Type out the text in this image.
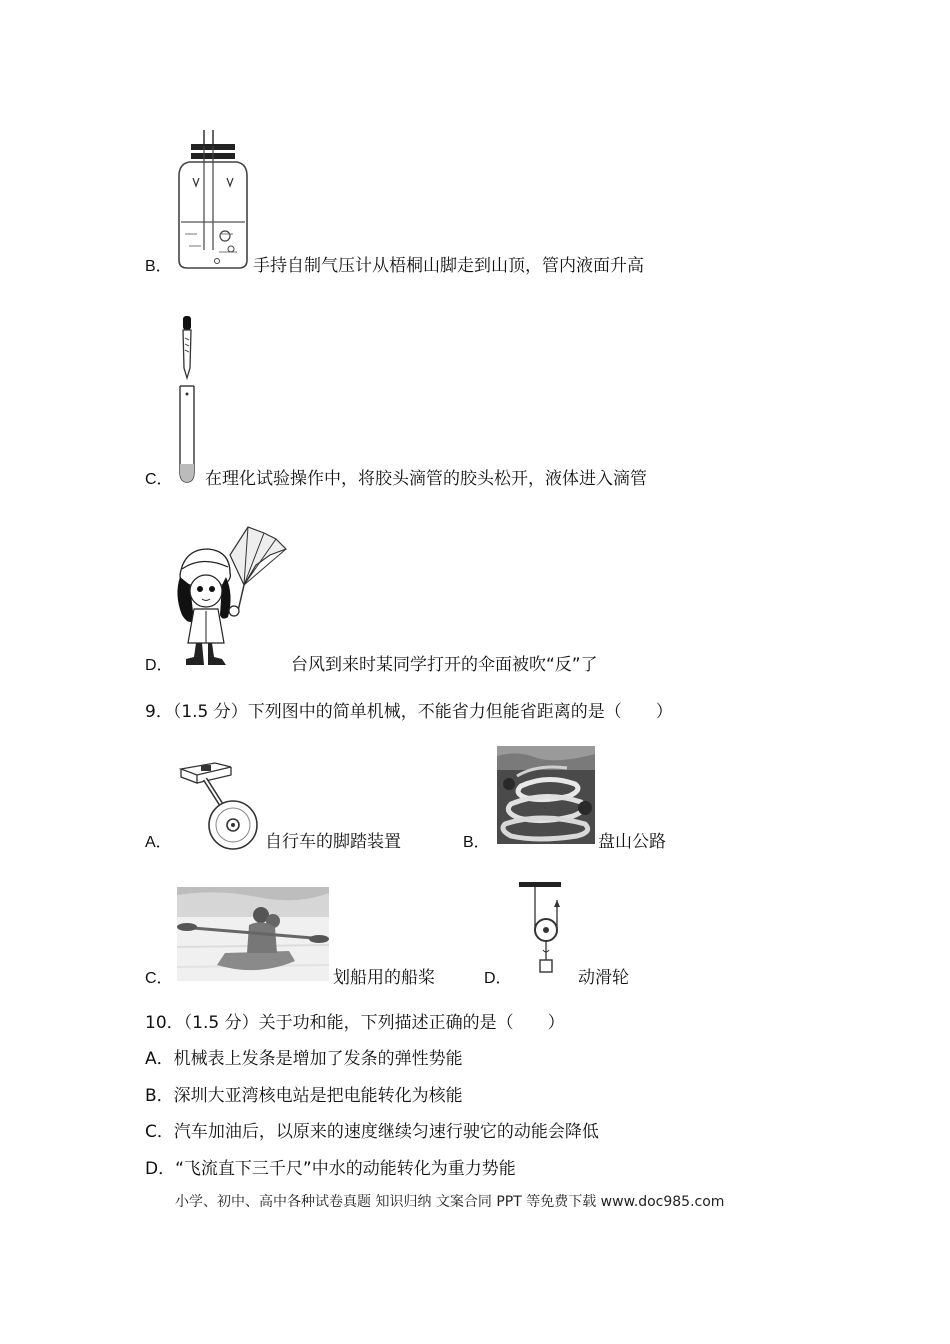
B．	手持自制气压计从梧桐山脚走到山顶，管内液面升高
C． 在理化试验操作中，将胶头滴管的胶头松开，液体进入滴管
D．	台风到来时某同学打开的伞面被吹“反”了
9．（1.5 分）下列图中的简单机械，不能省力但能省距离的是（　　）
A．	自行车的脚踏装置	B．	盘山公路
C．	划船用的船桨	D．	动滑轮
10．（1.5 分）关于功和能，下列描述正确的是（　　）
A．机械表上发条是增加了发条的弹性势能
B．深圳大亚湾核电站是把电能转化为核能
C．汽车加油后，以原来的速度继续匀速行驶它的动能会降低
D．“飞流直下三千尺”中水的动能转化为重力势能
小学、初中、高中各种试卷真题 知识归纳 文案合同 PPT 等免费下载 www.doc985.com
